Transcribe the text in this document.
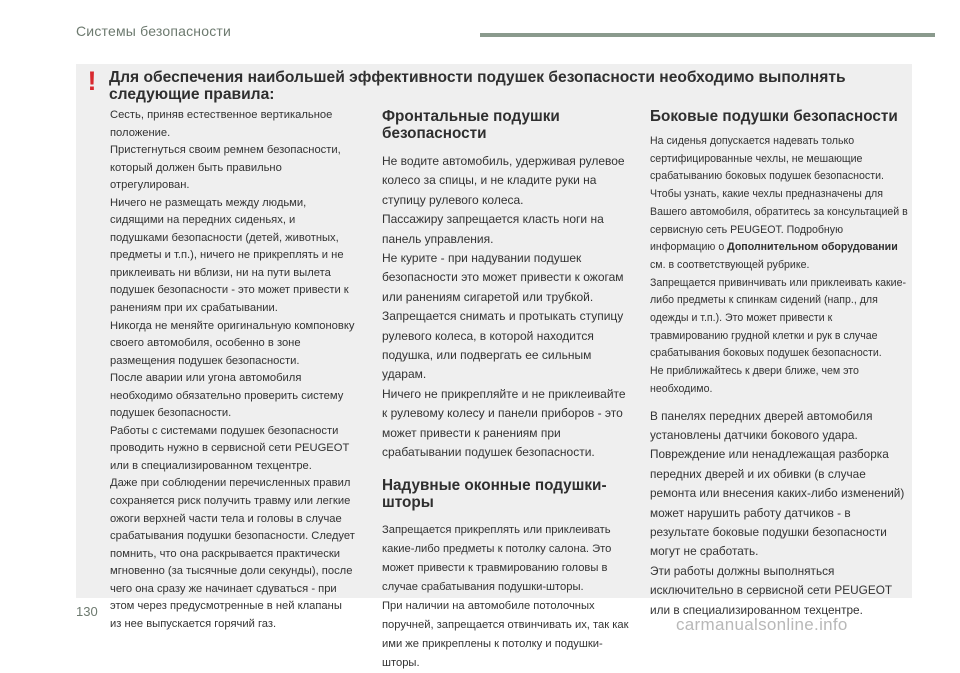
Системы безопасности
! Для обеспечения наибольшей эффективности подушек безопасности необходимо выполнять следующие правила:

Сесть, приняв естественное вертикальное положение.

Пристегнуться своим ремнем безопасности, который должен быть правильно отрегулирован.

Ничего не размещать между людьми, сидящими на передних сиденьях, и подушками безопасности (детей, животных, предметы и т.п.), ничего не прикреплять и не приклеивать ни вблизи, ни на пути вылета подушек безопасности - это может привести к ранениям при их срабатывании.

Никогда не меняйте оригинальную компоновку своего автомобиля, особенно в зоне размещения подушек безопасности.

После аварии или угона автомобиля необходимо обязательно проверить систему подушек безопасности.

Работы с системами подушек безопасности проводить нужно в сервисной сети PEUGEOT или в специализированном техцентре.

Даже при соблюдении перечисленных правил сохраняется риск получить травму или легкие ожоги верхней части тела и головы в случае срабатывания подушки безопасности. Следует помнить, что она раскрывается практически мгновенно (за тысячные доли секунды), после чего она сразу же начинает сдуваться - при этом через предусмотренные в ней клапаны из нее выпускается горячий газ.

Фронтальные подушки безопасности

Не водите автомобиль, удерживая рулевое колесо за спицы, и не кладите руки на ступицу рулевого колеса.

Пассажиру запрещается класть ноги на панель управления.

Не курите - при надувании подушек безопасности это может привести к ожогам или ранениям сигаретой или трубкой.

Запрещается снимать и протыкать ступицу рулевого колеса, в которой находится подушка, или подвергать ее сильным ударам.

Ничего не прикрепляйте и не приклеивайте к рулевому колесу и панели приборов - это может привести к ранениям при срабатывании подушек безопасности.

Надувные оконные подушки-шторы

Запрещается прикреплять или приклеивать какие-либо предметы к потолку салона. Это может привести к травмированию головы в случае срабатывания подушки-шторы.

При наличии на автомобиле потолочных поручней, запрещается отвинчивать их, так как ими же прикреплены к потолку и подушки-шторы.

Боковые подушки безопасности

На сиденья допускается надевать только сертифицированные чехлы, не мешающие срабатыванию боковых подушек безопасности. Чтобы узнать, какие чехлы предназначены для Вашего автомобиля, обратитесь за консультацией в сервисную сеть PEUGEOT. Подробную информацию о Дополнительном оборудовании см. в соответствующей рубрике.

Запрещается привинчивать или приклеивать какие-либо предметы к спинкам сидений (напр., для одежды и т.п.). Это может привести к травмированию грудной клетки и рук в случае срабатывания боковых подушек безопасности.

Не приближайтесь к двери ближе, чем это необходимо.

В панелях передних дверей автомобиля установлены датчики бокового удара. Повреждение или ненадлежащая разборка передних дверей и их обивки (в случае ремонта или внесения каких-либо изменений) может нарушить работу датчиков - в результате боковые подушки безопасности могут не сработать.

Эти работы должны выполняться исключительно в сервисной сети PEUGEOT или в специализированном техцентре.

130
carmanualsonline.info
